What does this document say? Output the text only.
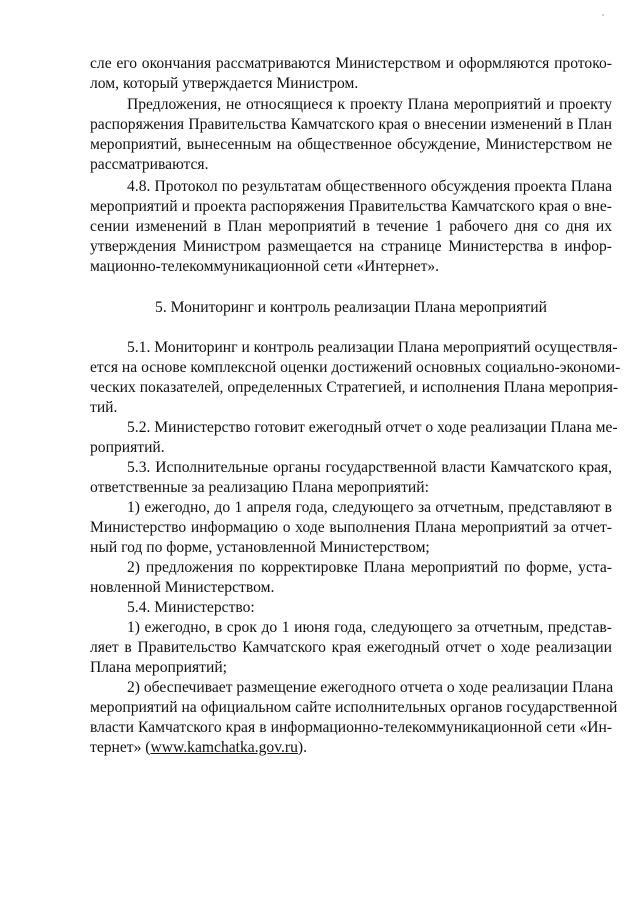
сле его окончания рассматриваются Министерством и оформляются протоко-
лом, который утверждается Министром.
Предложения, не относящиеся к проекту Плана мероприятий и проекту
распоряжения Правительства Камчатского края о внесении изменений в План
мероприятий, вынесенным на общественное обсуждение, Министерством не
рассматриваются.
4.8. Протокол по результатам общественного обсуждения проекта Плана
мероприятий и проекта распоряжения Правительства Камчатского края о вне-
сении изменений в План мероприятий в течение 1 рабочего дня со дня их
утверждения Министром размещается на странице Министерства в инфор-
мационно-телекоммуникационной сети «Интернет».
5. Мониторинг и контроль реализации Плана мероприятий
5.1. Мониторинг и контроль реализации Плана мероприятий осуществля-
ется на основе комплексной оценки достижений основных социально-экономи-
ческих показателей, определенных Стратегией, и исполнения Плана мероприя-
тий.
5.2. Министерство готовит ежегодный отчет о ходе реализации Плана ме-
роприятий.
5.3. Исполнительные органы государственной власти Камчатского края,
ответственные за реализацию Плана мероприятий:
1) ежегодно, до 1 апреля года, следующего за отчетным, представляют в
Министерство информацию о ходе выполнения Плана мероприятий за отчет-
ный год по форме, установленной Министерством;
2) предложения по корректировке Плана мероприятий по форме, уста-
новленной Министерством.
5.4. Министерство:
1) ежегодно, в срок до 1 июня года, следующего за отчетным, представ-
ляет в Правительство Камчатского края ежегодный отчет о ходе реализации
Плана мероприятий;
2) обеспечивает размещение ежегодного отчета о ходе реализации Плана
мероприятий на официальном сайте исполнительных органов государственной
власти Камчатского края в информационно-телекоммуникационной сети «Ин-
тернет» (www.kamchatka.gov.ru).
